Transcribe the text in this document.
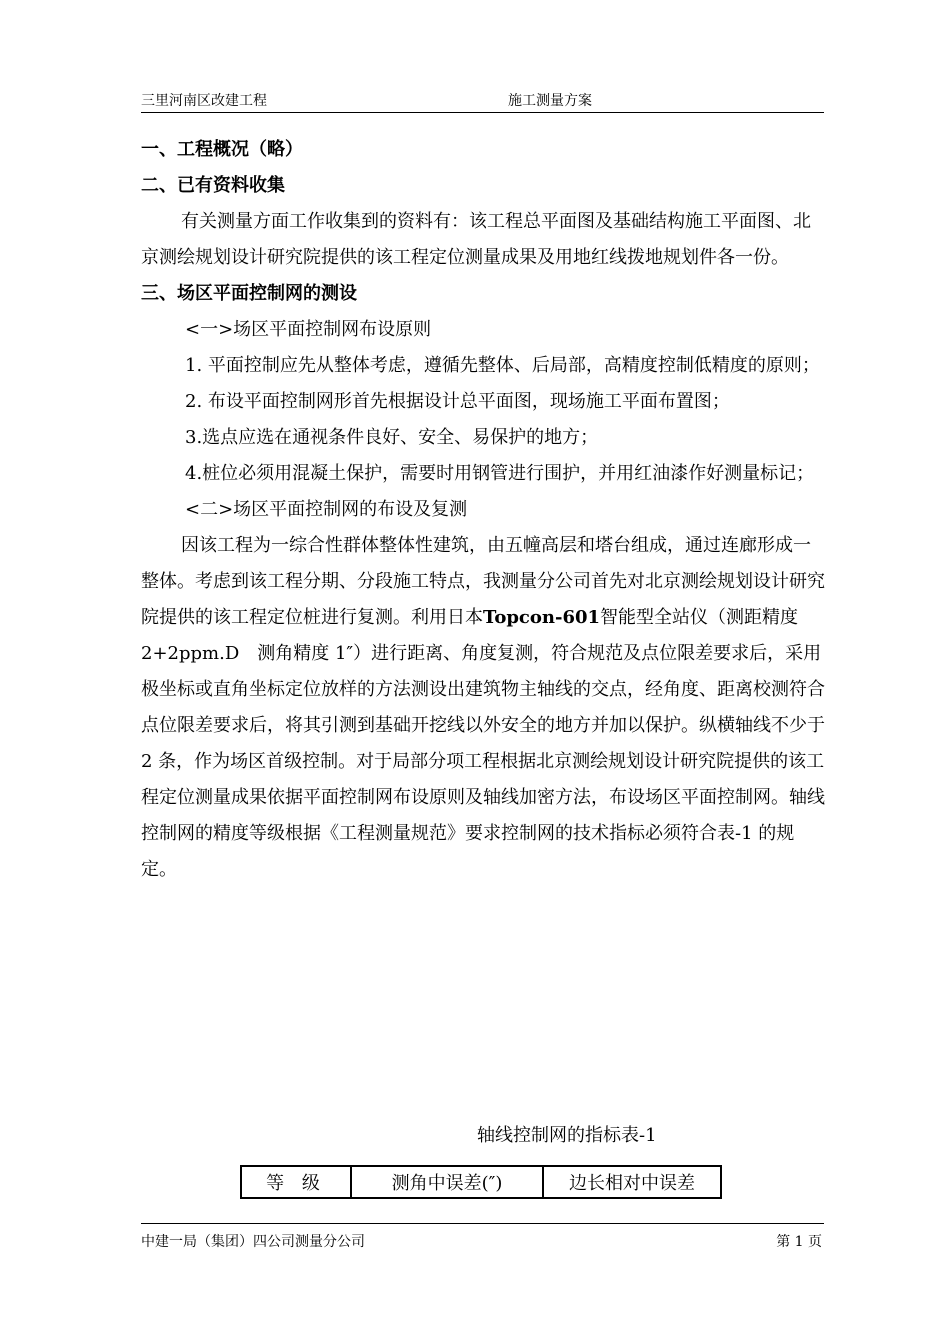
三里河南区改建工程	施工测量方案

一、工程概况（略）

二、已有资料收集

有关测量方面工作收集到的资料有：该工程总平面图及基础结构施工平面图、北京测绘规划设计研究院提供的该工程定位测量成果及用地红线拨地规划件各一份。

三、场区平面控制网的测设

<一>场区平面控制网布设原则

1. 平面控制应先从整体考虑，遵循先整体、后局部，高精度控制低精度的原则；

2. 布设平面控制网形首先根据设计总平面图，现场施工平面布置图；

3.选点应选在通视条件良好、安全、易保护的地方；

4.桩位必须用混凝土保护，需要时用钢管进行围护，并用红油漆作好测量标记；

<二>场区平面控制网的布设及复测

因该工程为一综合性群体整体性建筑，由五幢高层和塔台组成，通过连廊形成一整体。考虑到该工程分期、分段施工特点，我测量分公司首先对北京测绘规划设计研究院提供的该工程定位桩进行复测。利用日本Topcon-601智能型全站仪（测距精度 2+2ppm.D　测角精度 1″）进行距离、角度复测，符合规范及点位限差要求后，采用极坐标或直角坐标定位放样的方法测设出建筑物主轴线的交点，经角度、距离校测符合点位限差要求后，将其引测到基础开挖线以外安全的地方并加以保护。纵横轴线不少于 2 条，作为场区首级控制。对于局部分项工程根据北京测绘规划设计研究院提供的该工程定位测量成果依据平面控制网布设原则及轴线加密方法，布设场区平面控制网。轴线控制网的精度等级根据《工程测量规范》要求控制网的技术指标必须符合表-1 的规定。

轴线控制网的指标表-1
等 级	测角中误差(″)	边长相对中误差
中建一局（集团）四公司测量分公司	第 1 页
